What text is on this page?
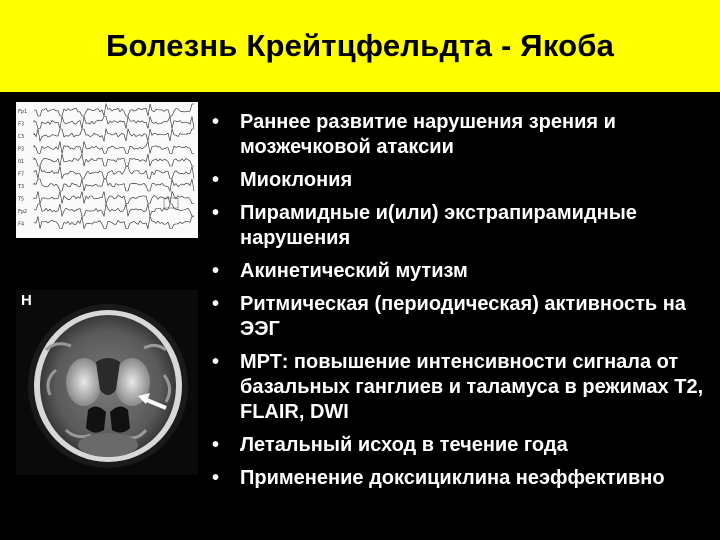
Болезнь Крейтцфельдта - Якоба
Fp1
F3
C3
P3
O1
F7
T3
T5
Fp2
F4
H
• Раннее развитие нарушения зрения и мозжечковой атаксии
• Миоклония
• Пирамидные и(или) экстрапирамидные нарушения
• Акинетический мутизм
• Ритмическая (периодическая) активность на ЭЭГ
• МРТ: повышение интенсивности сигнала от базальных ганглиев и таламуса в режимах T2, FLAIR, DWI
• Летальный исход в течение года
• Применение доксициклина неэффективно
